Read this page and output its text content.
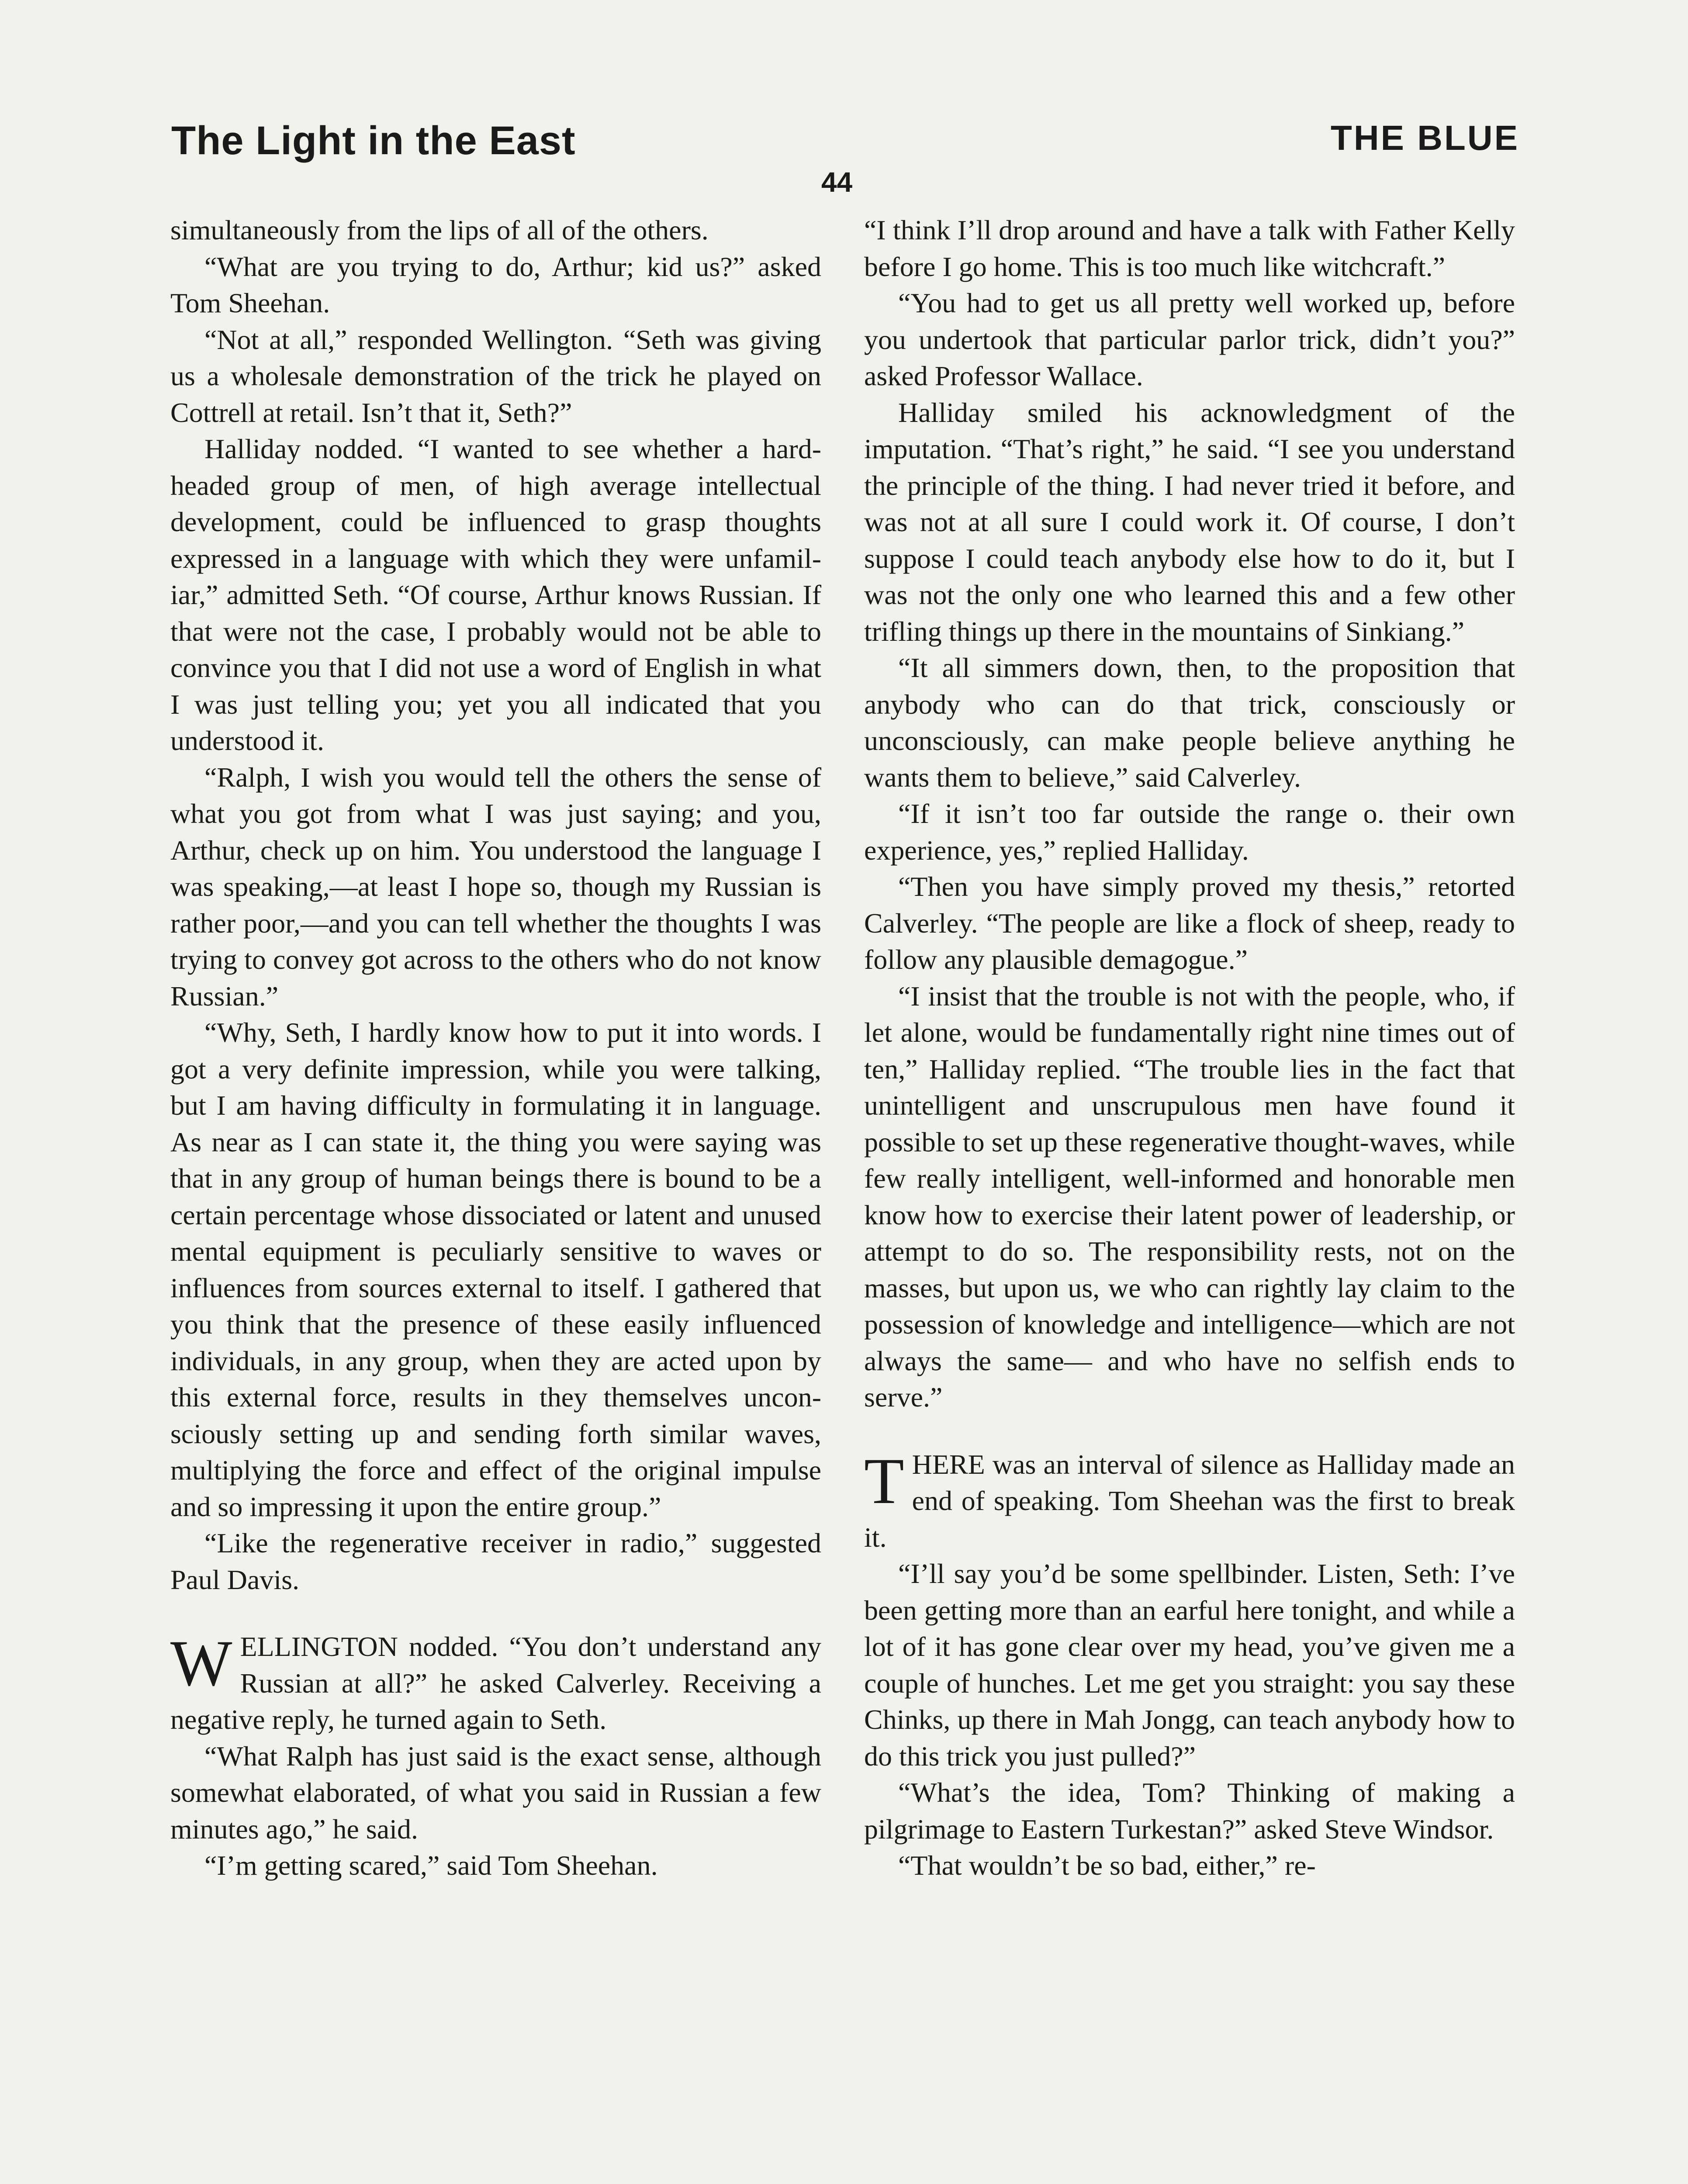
The Light in the East	THE BLUE
44

simultaneously from the lips of all of the others.

“What are you trying to do, Arthur; kid us?” asked Tom Sheehan.

“Not at all,” responded Wellington. “Seth was giving us a wholesale demonstration of the trick he played on Cottrell at retail. Isn’t that it, Seth?”

Halliday nodded. “I wanted to see whether a hard-headed group of men, of high average intellectual development, could be influenced to grasp thoughts expressed in a language with which they were unfamiliar,” admitted Seth. “Of course, Arthur knows Russian. If that were not the case, I probably would not be able to convince you that I did not use a word of English in what I was just telling you; yet you all indicated that you understood it.

“Ralph, I wish you would tell the others the sense of what you got from what I was just saying; and you, Arthur, check up on him. You understood the language I was speaking,—at least I hope so, though my Russian is rather poor,—and you can tell whether the thoughts I was trying to convey got across to the others who do not know Russian.”

“Why, Seth, I hardly know how to put it into words. I got a very definite impression, while you were talking, but I am having difficulty in formulating it in language. As near as I can state it, the thing you were saying was that in any group of human beings there is bound to be a certain percentage whose dissociated or latent and unused mental equipment is peculiarly sensitive to waves or influences from sources external to itself. I gathered that you think that the presence of these easily influenced individuals, in any group, when they are acted upon by this external force, results in they themselves unconsciously setting up and sending forth similar waves, multiplying the force and effect of the original impulse and so impressing it upon the entire group.”

“Like the regenerative receiver in radio,” suggested Paul Davis.

WELLINGTON nodded. “You don’t understand any Russian at all?” he asked Calverley. Receiving a negative reply, he turned again to Seth.

“What Ralph has just said is the exact sense, although somewhat elaborated, of what you said in Russian a few minutes ago,” he said.

“I’m getting scared,” said Tom Sheehan.

“I think I’ll drop around and have a talk with Father Kelly before I go home. This is too much like witchcraft.”

“You had to get us all pretty well worked up, before you undertook that particular parlor trick, didn’t you?” asked Professor Wallace.

Halliday smiled his acknowledgment of the imputation. “That’s right,” he said. “I see you understand the principle of the thing. I had never tried it before, and was not at all sure I could work it. Of course, I don’t suppose I could teach anybody else how to do it, but I was not the only one who learned this and a few other trifling things up there in the mountains of Sinkiang.”

“It all simmers down, then, to the proposition that anybody who can do that trick, consciously or unconsciously, can make people believe anything he wants them to believe,” said Calverley.

“If it isn’t too far outside the range o. their own experience, yes,” replied Halliday.

“Then you have simply proved my thesis,” retorted Calverley. “The people are like a flock of sheep, ready to follow any plausible demagogue.”

“I insist that the trouble is not with the people, who, if let alone, would be fundamentally right nine times out of ten,” Halliday replied. “The trouble lies in the fact that unintelligent and unscrupulous men have found it possible to set up these regenerative thought-waves, while few really intelligent, well-informed and honorable men know how to exercise their latent power of leadership, or attempt to do so. The responsibility rests, not on the masses, but upon us, we who can rightly lay claim to the possession of knowledge and intelligence—which are not always the same— and who have no selfish ends to serve.”

THERE was an interval of silence as Halliday made an end of speaking. Tom Sheehan was the first to break it.

“I’ll say you’d be some spellbinder. Listen, Seth: I’ve been getting more than an earful here tonight, and while a lot of it has gone clear over my head, you’ve given me a couple of hunches. Let me get you straight: you say these Chinks, up there in Mah Jongg, can teach anybody how to do this trick you just pulled?”

“What’s the idea, Tom? Thinking of making a pilgrimage to Eastern Turkestan?” asked Steve Windsor.

“That wouldn’t be so bad, either,” re-
